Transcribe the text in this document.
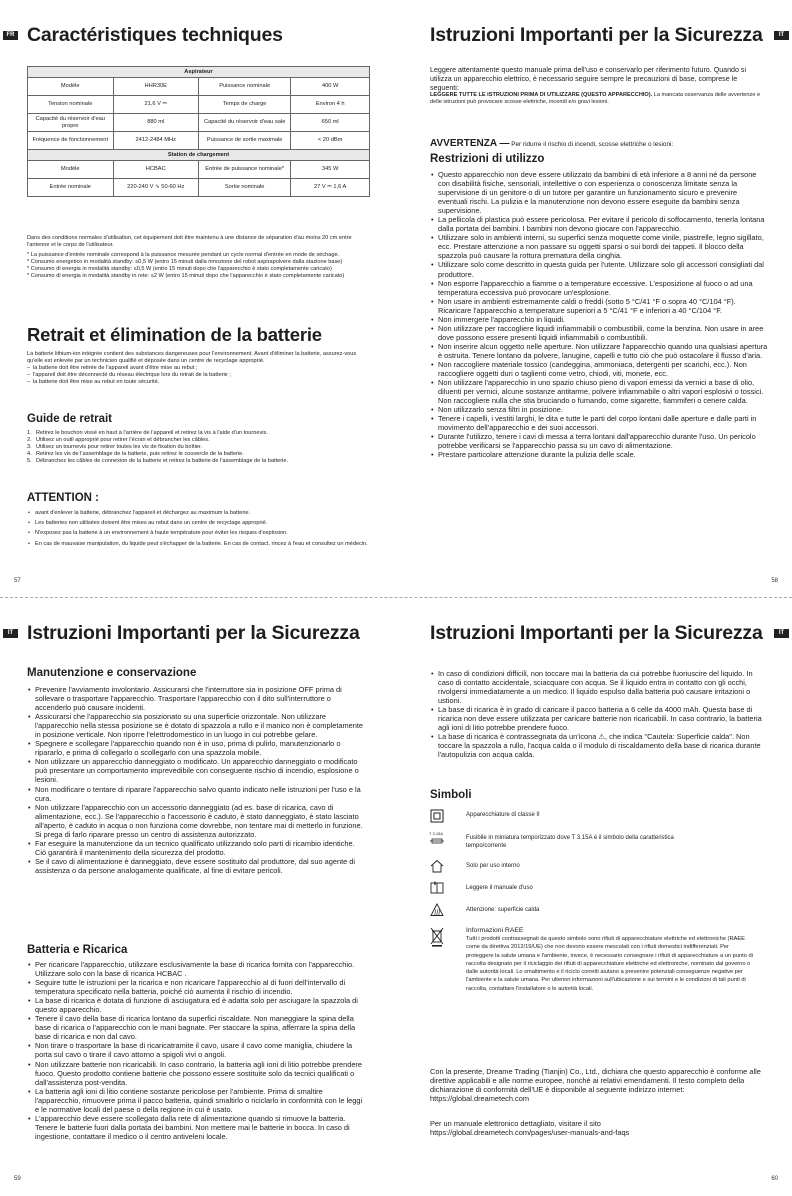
FR Caractéristiques techniques
Aspirateur			
Modèle	HHR30E	Puissance nominale	400 W
Tension nominale	21,6 V ⎓	Temps de charge	Environ 4 h
Capacité du réservoir d'eau propre	880 ml	Capacité du réservoir d'eau sale	650 ml
Fréquence de fonctionnement	2412-2484 MHz	Puissance de sortie maximale	< 20 dBm
Station de chargement			
Modèle	HCBAC	Entrée de puissance nominale*	345 W
Entrée nominale	220-240 V ∿ 50-60 Hz	Sortie nominale	27 V ⎓ 1,6 A

Dans des conditions normales d'utilisation, cet équipement doit être maintenu à une distance de séparation d'au moins 20 cm entre l'antenne et le corps de l'utilisateur.

* La puissance d'entrée nominale correspond à la puissance mesurée pendant un cycle normal d'entrée en mode de séchage.

* Consumo energetico in modalità standby: ≤0,5 W (entro 15 minuti dalla rimozione del robot aspirapolvere dalla stazione base)

* Consumo di energia in modalità standby: ≤0,5 W (entro 15 minuti dopo che l'apparecchio è stato completamente caricato)

* Consumo di energia in modalità standby in rete: ≤2 W (entro 15 minuti dopo che l'apparecchio è stato completamente caricato)

Retrait et élimination de la batterie

La batterie lithium-ion intégrée contient des substances dangereuses pour l'environnement. Avant d'éliminer la batterie, assurez-vous qu'elle est enlevée par un technicien qualifié et déposée dans un centre de recyclage approprié.

– la batterie doit être retirée de l'appareil avant d'être mise au rebut ;
– l'appareil doit être déconnecté du réseau électrique lors du retrait de la batterie ;
– la batterie doit être mise au rebut en toute sécurité.
Guide de retrait
1. Retirez le bouchon vissé en haut à l'arrière de l'appareil et retirez la vis à l'aide d'un tournevis.
2. Utilisez un outil approprié pour retirer l'écran et débrancher les câbles.
3. Utilisez un tournevis pour retirer toutes les vis de fixation du boîtier.
4. Retirez les vis de l'assemblage de la batterie, puis retirez le couvercle de la batterie.
5. Débranchez les câbles de connexion de la batterie et retirez la batterie de l'assemblage de la batterie.
ATTENTION :
• avant d'enlever la batterie, débranchez l'appareil et déchargez au maximum la batterie.
• Les batteries non utilisées doivent être mises au rebut dans un centre de recyclage approprié.
• N'exposez pas la batterie à un environnement à haute température pour éviter les risques d'explosion.
• En cas de mauvaise manipulation, du liquide peut s'échapper de la batterie. En cas de contact, rincez à l'eau et consultez un médecin.
57
Istruzioni Importanti per la Sicurezza	IT

Leggere attentamente questo manuale prima dell'uso e conservarlo per riferimento futuro. Quando si utilizza un apparecchio elettrico, è necessario seguire sempre le precauzioni di base, comprese le seguenti:

LEGGERE TUTTE LE ISTRUZIONI PRIMA DI UTILIZZARE (QUESTO APPARECCHIO). La mancata osservanza delle avvertenze e delle istruzioni può provocare scosse elettriche, incendi e/o gravi lesioni.

AVVERTENZA — Per ridurre il rischio di incendi, scosse elettriche o lesioni:
Restrizioni di utilizzo
• Questo apparecchio non deve essere utilizzato da bambini di età inferiore a 8 anni né da persone con disabilità fisiche, sensoriali, intellettive o con esperienza o conoscenza limitate senza la supervisione di un genitore o di un tutore per garantire un funzionamento sicuro e prevenire eventuali rischi. La pulizia e la manutenzione non devono essere eseguite da bambini senza supervisione.
• La pellicola di plastica può essere pericolosa. Per evitare il pericolo di soffocamento, tenerla lontana dalla portata dei bambini. I bambini non devono giocare con l'apparecchio.
• Utilizzare solo in ambienti interni, su superfici senza moquette come vinile, piastrelle, legno sigillato, ecc. Prestare attenzione a non passare su oggetti sparsi o sui bordi dei tappeti. Il blocco della spazzola può causare la rottura prematura della cinghia.
• Utilizzare solo come descritto in questa guida per l'utente. Utilizzare solo gli accessori consigliati dal produttore.
• Non esporre l'apparecchio a fiamme o a temperature eccessive. L'esposizione al fuoco o ad una temperatura eccessiva può provocare un'esplosione.
• Non usare in ambienti estremamente caldi o freddi (sotto 5 °C/41 °F o sopra 40 °C/104 °F). Ricaricare l'apparecchio a temperature superiori a 5 °C/41 °F e inferiori a 40 °C/104 °F.
• Non immergere l'apparecchio in liquidi.
• Non utilizzare per raccogliere liquidi infiammabili o combustibili, come la benzina. Non usare in aree dove possono essere presenti liquidi infiammabili o combustibili.
• Non inserire alcun oggetto nelle aperture. Non utilizzare l'apparecchio quando una qualsiasi apertura è ostruita. Tenere lontano da polvere, lanugine, capelli e tutto ciò che può ostacolare il flusso d'aria.
• Non raccogliere materiale tossico (candeggina, ammoniaca, detergenti per scarichi, ecc.). Non raccogliere oggetti duri o taglienti come vetro, chiodi, viti, monete, ecc.
• Non utilizzare l'apparecchio in uno spazio chiuso pieno di vapori emessi da vernici a base di olio, diluenti per vernici, alcune sostanze antitarme, polvere infiammabile o altri vapori esplosivi o tossici. Non raccogliere nulla che stia bruciando o fumando, come sigarette, fiammiferi o cenere calda.
• Non utilizzarlo senza filtri in posizione.
• Tenere i capelli, i vestiti larghi, le dita e tutte le parti del corpo lontani dalle aperture e dalle parti in movimento dell'apparecchio e dei suoi accessori.
• Durante l'utilizzo, tenere i cavi di messa a terra lontani dall'apparecchio durante l'uso. Un pericolo potrebbe verificarsi se l'apparecchio passa su un cavo di alimentazione.
• Prestare particolare attenzione durante la pulizia delle scale.
58
IT Istruzioni Importanti per la Sicurezza
Manutenzione e conservazione
• Prevenire l'avviamento involontario. Assicurarsi che l'interruttore sia in posizione OFF prima di sollevare o trasportare l'apparecchio. Trasportare l'apparecchio con il dito sull'interruttore o accenderlo può causare incidenti.
• Assicurarsi che l'apparecchio sia posizionato su una superficie orizzontale. Non utilizzare l'apparecchio nella stessa posizione se è dotato di spazzola a rullo e il manico non è completamente in posizione verticale. Non riporre l'elettrodomestico in un luogo in cui potrebbe gelare.
• Spegnere e scollegare l'apparecchio quando non è in uso, prima di pulirlo, manutenzionarlo o ripararlo, e prima di collegarlo o scollegarlo con una spazzola mobile.
• Non utilizzare un apparecchio danneggiato o modificato. Un apparecchio danneggiato o modificato può presentare un comportamento imprevedibile con conseguente rischio di incendio, esplosione o lesioni.
• Non modificare o tentare di riparare l'apparecchio salvo quanto indicato nelle istruzioni per l'uso e la cura.
• Non utilizzare l'apparecchio con un accessorio danneggiato (ad es. base di ricarica, cavo di alimentazione, ecc.). Se l'apparecchio o l'accessorio è caduto, è stato danneggiato, è stato lasciato all'aperto, è caduto in acqua o non funziona come dovrebbe, non tentare mai di metterlo in funzione. Si prega di farlo riparare presso un centro di assistenza autorizzato.
• Far eseguire la manutenzione da un tecnico qualificato utilizzando solo parti di ricambio identiche. Ciò garantirà il mantenimento della sicurezza del prodotto.
• Se il cavo di alimentazione è danneggiato, deve essere sostituito dal produttore, dal suo agente di assistenza o da persone analogamente qualificate, al fine di evitare pericoli.
Batteria e Ricarica
• Per ricaricare l'apparecchio, utilizzare esclusivamente la base di ricarica fornita con l'apparecchio. Utilizzare solo con la base di ricarica HCBAC .
• Seguire tutte le istruzioni per la ricarica e non ricaricare l'apparecchio al di fuori dell'intervallo di temperatura specificato nella batteria, poiché ciò aumenta il rischio di incendio.
• La base di ricarica è dotata di funzione di asciugatura ed è adatta solo per asciugare la spazzola di questo apparecchio.
• Tenere il cavo della base di ricarica lontano da superfici riscaldate. Non maneggiare la spina della base di ricarica o l'apparecchio con le mani bagnate. Per staccare la spina, afferrare la spina della base di ricarica e non dal cavo.
• Non tirare o trasportare la base di ricaricatramite il cavo, usare il cavo come maniglia, chiudere la porta sul cavo o tirare il cavo attorno a spigoli vivi o angoli.
• Non utilizzare batterie non ricaricabili. In caso contrario, la batteria agli ioni di litio potrebbe prendere fuoco. Questo prodotto contiene batterie che possono essere sostituite solo da tecnici qualificati o dall'assistenza post-vendita.
• La batteria agli ioni di litio contiene sostanze pericolose per l'ambiente. Prima di smaltire l'apparecchio, rimuovere prima il pacco batteria, quindi smaltirlo o riciclarlo in conformità con le leggi e le normative locali del paese o della regione in cui è usato.
• L'apparecchio deve essere scollegato dalla rete di alimentazione quando si rimuove la batteria. Tenere le batterie fuori dalla portata dei bambini. Non mettere mai le batterie in bocca. In caso di ingestione, contattare il medico o il centro antiveleni locale.
59
Istruzioni Importanti per la Sicurezza	IT
• In caso di condizioni difficili, non toccare mai la batteria da cui potrebbe fuoriuscire del liquido. In caso di contatto accidentale, sciacquare con acqua. Se il liquido entra in contatto con gli occhi, rivolgersi immediatamente a un medico. Il liquido espulso dalla batteria può causare irritazioni o ustioni.
• La base di ricarica è in grado di caricare il pacco batteria a 6 celle da 4000 mAh. Questa base di ricarica non deve essere utilizzata per caricare batterie non ricaricabili. In caso contrario, la batteria agli ioni di litio potrebbe prendere fuoco.
• La base di ricarica è contrassegnata da un'icona ⚠, che indica "Cautela: Superficie calda". Non toccare la spazzola a rullo, l'acqua calda o il modulo di riscaldamento della base di ricarica durante l'autopulizia con acqua calda.
Simboli
Apparecchiature di classe II
T 3,15A
Fusibile in miniatura temporizzato dove T 3.15A è il simbolo della caratteristica tempo/corrente
Solo per uso interno
Leggere il manuale d'uso
Attenzione: superficie calda
Informazioni RAEE
Tutti i prodotti contrassegnati da questo simbolo sono rifiuti di apparecchiature elettriche ed elettroniche (RAEE come da direttiva 2012/19/UE) che non devono essere mescolati con i rifiuti domestici indifferenziati. Per proteggere la salute umana e l'ambiente, invece, è necessario consegnare i rifiuti di apparecchiature a un punto di raccolta designato per il riciclaggio dei rifiuti di apparecchiature elettriche ed elettroniche, nominato dal governo o dalle autorità locali. Lo smaltimento e il riciclo corretti aiutano a prevenire potenziali conseguenze negative per l'ambiente e la salute umana. Per ulteriori informazioni sull'ubicazione e sui termini e le condizioni di tali punti di raccolta, contattare l'installatore o le autorità locali.

Con la presente, Dreame Trading (Tianjin) Co., Ltd., dichiara che questo apparecchio è conforme alle direttive applicabili e alle norme europee, nonché ai relativi emendamenti. Il testo completo della dichiarazione di conformità dell'UE è disponibile al seguente indirizzo internet: https://global.dreametech.com

Per un manuale elettronico dettagliato, visitare il sito

https://global.dreametech.com/pages/user-manuals-and-faqs

60
